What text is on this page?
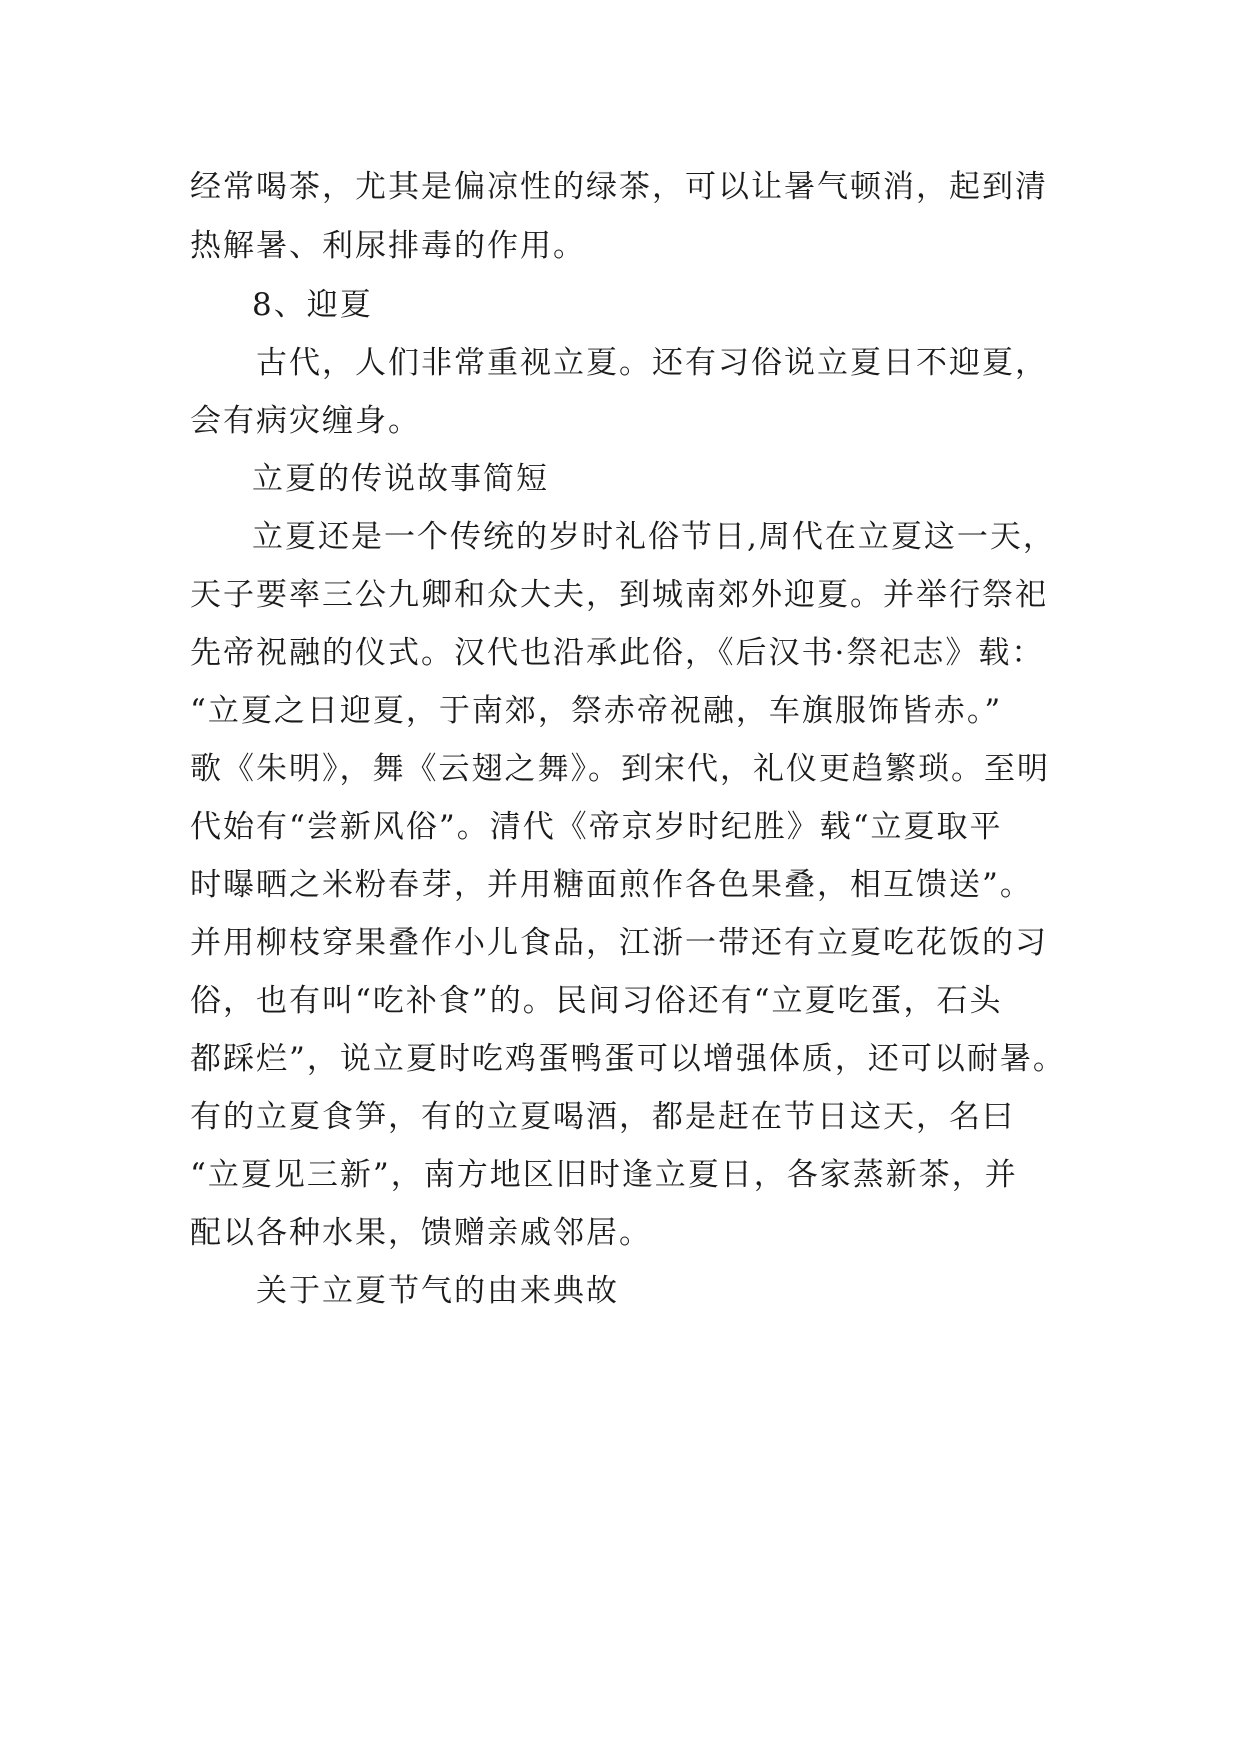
经常喝茶，尤其是偏凉性的绿茶，可以让暑气顿消，起到清
热解暑、利尿排毒的作用。
8、迎夏
古代，人们非常重视立夏。还有习俗说立夏日不迎夏，
会有病灾缠身。
立夏的传说故事简短
立夏还是一个传统的岁时礼俗节日,周代在立夏这一天，
天子要率三公九卿和众大夫，到城南郊外迎夏。并举行祭祀
先帝祝融的仪式。汉代也沿承此俗，《后汉书·祭祀志》载：
“立夏之日迎夏，于南郊，祭赤帝祝融，车旗服饰皆赤。”
歌《朱明》，舞《云翅之舞》。到宋代，礼仪更趋繁琐。至明
代始有“尝新风俗”。清代《帝京岁时纪胜》载“立夏取平
时曝晒之米粉春芽，并用糖面煎作各色果叠，相互馈送”。
并用柳枝穿果叠作小儿食品，江浙一带还有立夏吃花饭的习
俗，也有叫“吃补食”的。民间习俗还有“立夏吃蛋，石头
都踩烂”，说立夏时吃鸡蛋鸭蛋可以增强体质，还可以耐暑。
有的立夏食笋，有的立夏喝酒，都是赶在节日这天，名曰
“立夏见三新”，南方地区旧时逢立夏日，各家蒸新茶，并
配以各种水果，馈赠亲戚邻居。
关于立夏节气的由来典故
